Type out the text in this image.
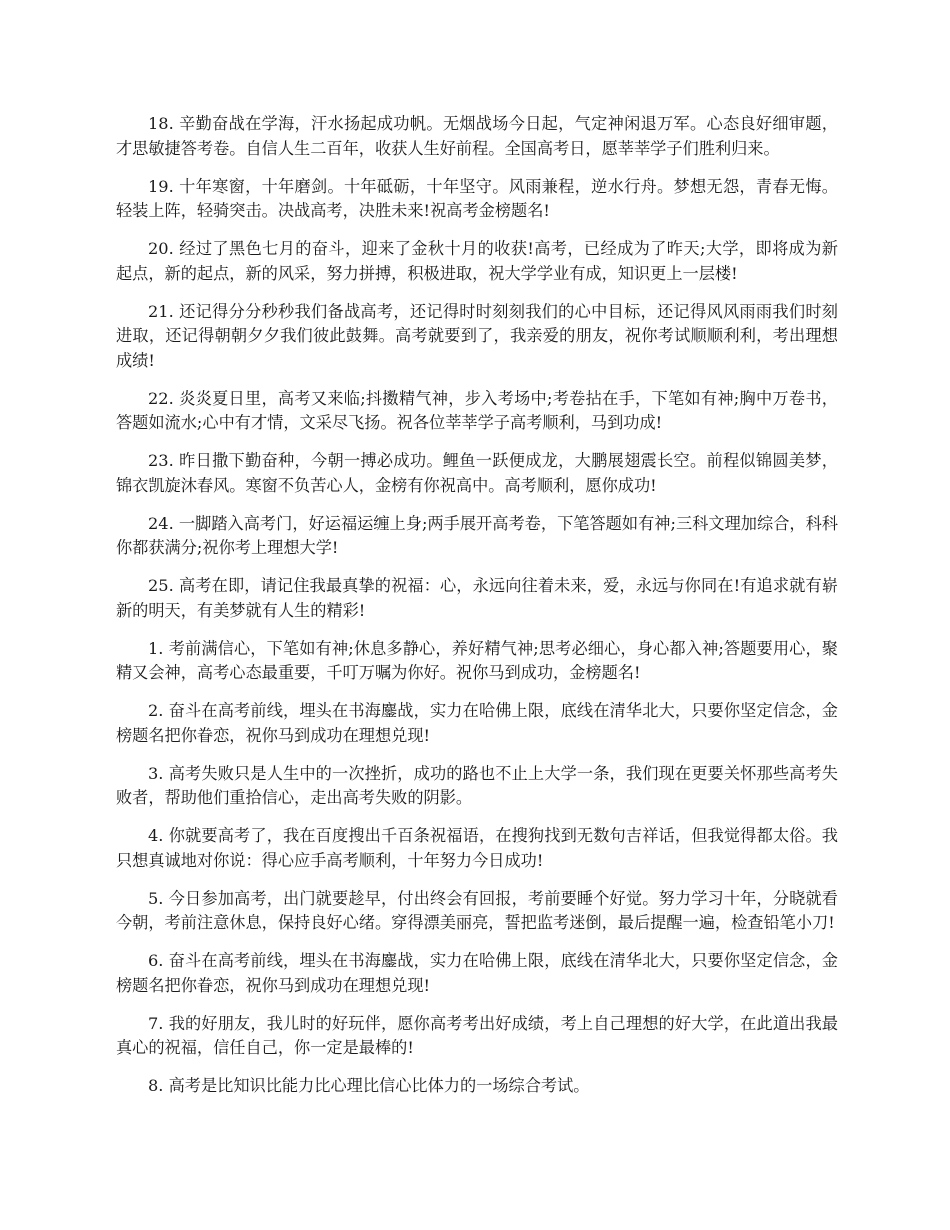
18. 辛勤奋战在学海，汗水扬起成功帆。无烟战场今日起，气定神闲退万军。心态良好细审题，才思敏捷答考卷。自信人生二百年，收获人生好前程。全国高考日，愿莘莘学子们胜利归来。

19. 十年寒窗，十年磨剑。十年砥砺，十年坚守。风雨兼程，逆水行舟。梦想无怨，青春无悔。轻装上阵，轻骑突击。决战高考，决胜未来!祝高考金榜题名!

20. 经过了黑色七月的奋斗，迎来了金秋十月的收获!高考，已经成为了昨天;大学，即将成为新起点，新的起点，新的风采，努力拼搏，积极进取，祝大学学业有成，知识更上一层楼!

21. 还记得分分秒秒我们备战高考，还记得时时刻刻我们的心中目标，还记得风风雨雨我们时刻进取，还记得朝朝夕夕我们彼此鼓舞。高考就要到了，我亲爱的朋友，祝你考试顺顺利利，考出理想成绩!

22. 炎炎夏日里，高考又来临;抖擞精气神，步入考场中;考卷拈在手，下笔如有神;胸中万卷书，答题如流水;心中有才情，文采尽飞扬。祝各位莘莘学子高考顺利，马到功成!

23. 昨日撒下勤奋种，今朝一搏必成功。鲤鱼一跃便成龙，大鹏展翅震长空。前程似锦圆美梦，锦衣凯旋沐春风。寒窗不负苦心人，金榜有你祝高中。高考顺利，愿你成功!

24. 一脚踏入高考门，好运福运缠上身;两手展开高考卷，下笔答题如有神;三科文理加综合，科科你都获满分;祝你考上理想大学!

25. 高考在即，请记住我最真挚的祝福：心，永远向往着未来，爱，永远与你同在!有追求就有崭新的明天，有美梦就有人生的精彩!

1. 考前满信心，下笔如有神;休息多静心，养好精气神;思考必细心，身心都入神;答题要用心，聚精又会神，高考心态最重要，千叮万嘱为你好。祝你马到成功，金榜题名!

2. 奋斗在高考前线，埋头在书海鏖战，实力在哈佛上限，底线在清华北大，只要你坚定信念，金榜题名把你眷恋，祝你马到成功在理想兑现!

3. 高考失败只是人生中的一次挫折，成功的路也不止上大学一条，我们现在更要关怀那些高考失败者，帮助他们重拾信心，走出高考失败的阴影。

4. 你就要高考了，我在百度搜出千百条祝福语，在搜狗找到无数句吉祥话，但我觉得都太俗。我只想真诚地对你说：得心应手高考顺利，十年努力今日成功!

5. 今日参加高考，出门就要趁早，付出终会有回报，考前要睡个好觉。努力学习十年，分晓就看今朝，考前注意休息，保持良好心绪。穿得漂美丽亮，誓把监考迷倒，最后提醒一遍，检查铅笔小刀!

6. 奋斗在高考前线，埋头在书海鏖战，实力在哈佛上限，底线在清华北大，只要你坚定信念，金榜题名把你眷恋，祝你马到成功在理想兑现!

7. 我的好朋友，我儿时的好玩伴，愿你高考考出好成绩，考上自己理想的好大学，在此道出我最真心的祝福，信任自己，你一定是最棒的!

8. 高考是比知识比能力比心理比信心比体力的一场综合考试。
